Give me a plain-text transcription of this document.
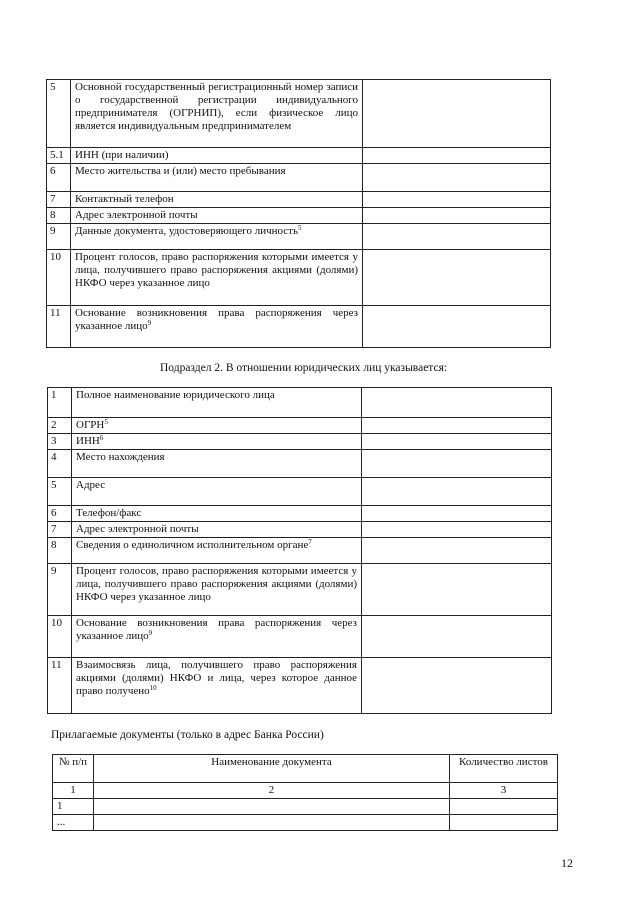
5	Основной государственный регистрационный номер записи о государственной регистрации индивидуального предпринимателя (ОГРНИП), если физическое лицо является индивидуальным предпринимателем	
5.1	ИНН (при наличии)	
6	Место жительства и (или) место пребывания	
7	Контактный телефон	
8	Адрес электронной почты	
9	Данные документа, удостоверяющего личность$^5$	
10	Процент голосов, право распоряжения которыми имеется у лица, получившего право распоряжения акциями (долями) НКФО через указанное лицо	
11	Основание возникновения права распоряжения через указанное лицо$^9$	
Подраздел 2. В отношении юридических лиц указывается:
1	Полное наименование юридического лица	
2	ОГРН$^5$	
3	ИНН$^6$	
4	Место нахождения	
5	Адрес	
6	Телефон/факс	
7	Адрес электронной почты	
8	Сведения о единоличном исполнительном органе$^7$	
9	Процент голосов, право распоряжения которыми имеется у лица, получившего право распоряжения акциями (долями) НКФО через указанное лицо	
10	Основание возникновения права распоряжения через указанное лицо$^9$	
11	Взаимосвязь лица, получившего право распоряжения акциями (долями) НКФО и лица, через которое данное право получено$^{10}$	
Прилагаемые документы (только в адрес Банка России)
№ п/п	Наименование документа	Количество листов
1	2	3
1		
...		
12
